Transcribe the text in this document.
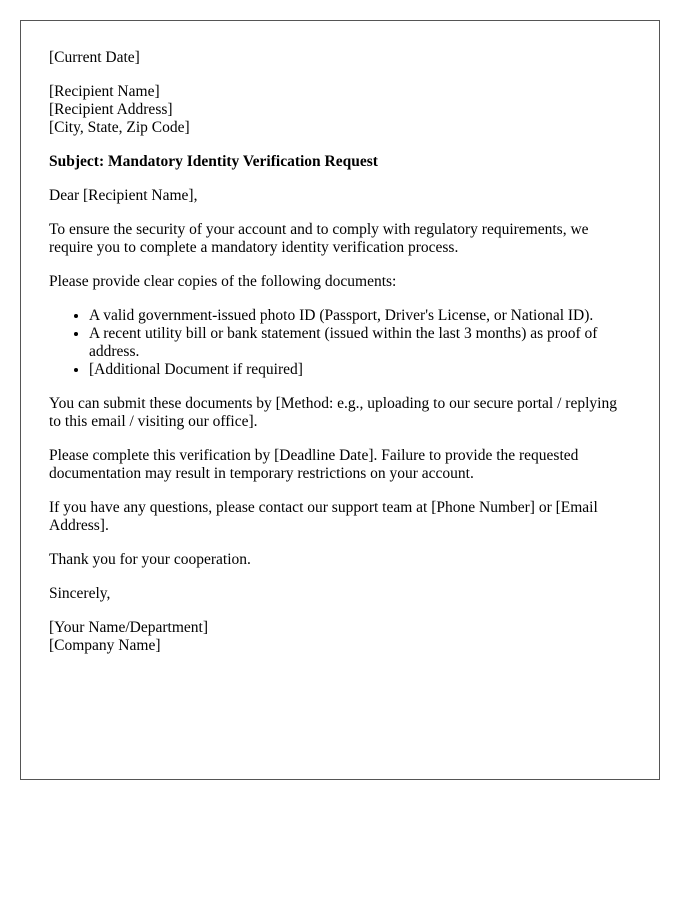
[Current Date]

[Recipient Name]
[Recipient Address]
[City, State, Zip Code]

Subject: Mandatory Identity Verification Request

Dear [Recipient Name],

To ensure the security of your account and to comply with regulatory requirements, we require you to complete a mandatory identity verification process.

Please provide clear copies of the following documents:

• A valid government-issued photo ID (Passport, Driver's License, or National ID).
• A recent utility bill or bank statement (issued within the last 3 months) as proof of address.
• [Additional Document if required]

You can submit these documents by [Method: e.g., uploading to our secure portal / replying to this email / visiting our office].

Please complete this verification by [Deadline Date]. Failure to provide the requested documentation may result in temporary restrictions on your account.

If you have any questions, please contact our support team at [Phone Number] or [Email Address].

Thank you for your cooperation.

Sincerely,

[Your Name/Department]
[Company Name]
